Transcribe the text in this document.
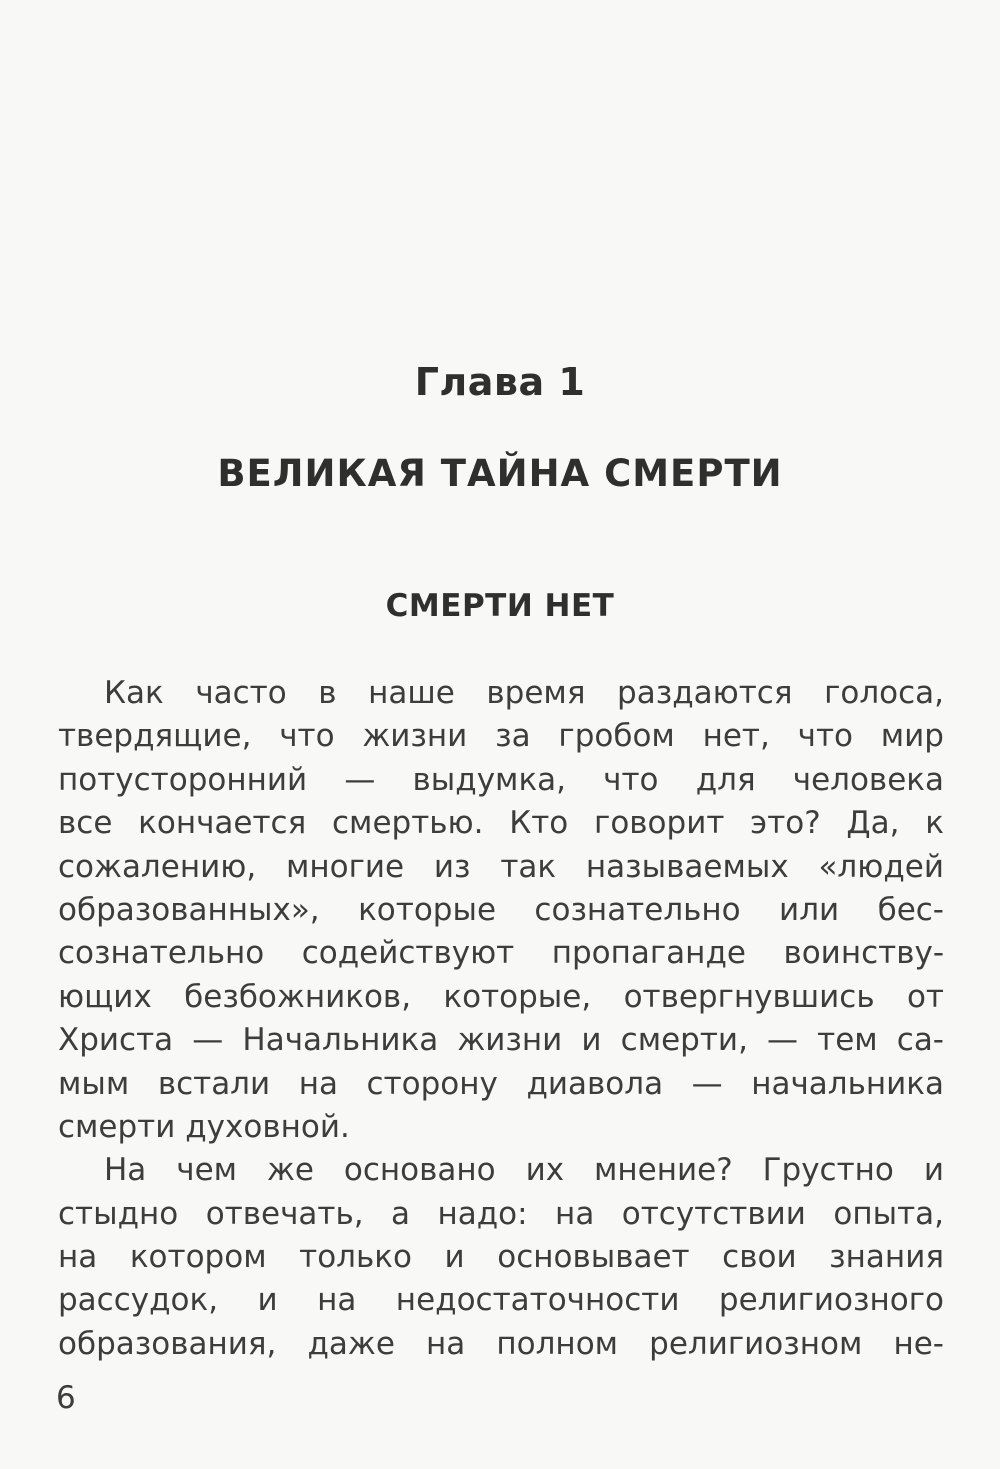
Глава 1
ВЕЛИКАЯ ТАЙНА СМЕРТИ
СМЕРТИ НЕТ
Как часто в наше время раздаются голоса,
твердящие, что жизни за гробом нет, что мир
потусторонний — выдумка, что для человека
все кончается смертью. Кто говорит это? Да, к
сожалению, многие из так называемых «людей
образованных», которые сознательно или бес-
сознательно содействуют пропаганде воинству-
ющих безбожников, которые, отвергнувшись от
Христа — Начальника жизни и смерти, — тем са-
мым встали на сторону диавола — начальника
смерти духовной.
На чем же основано их мнение? Грустно и
стыдно отвечать, а надо: на отсутствии опыта,
на котором только и основывает свои знания
рассудок, и на недостаточности религиозного
образования, даже на полном религиозном не-
6
